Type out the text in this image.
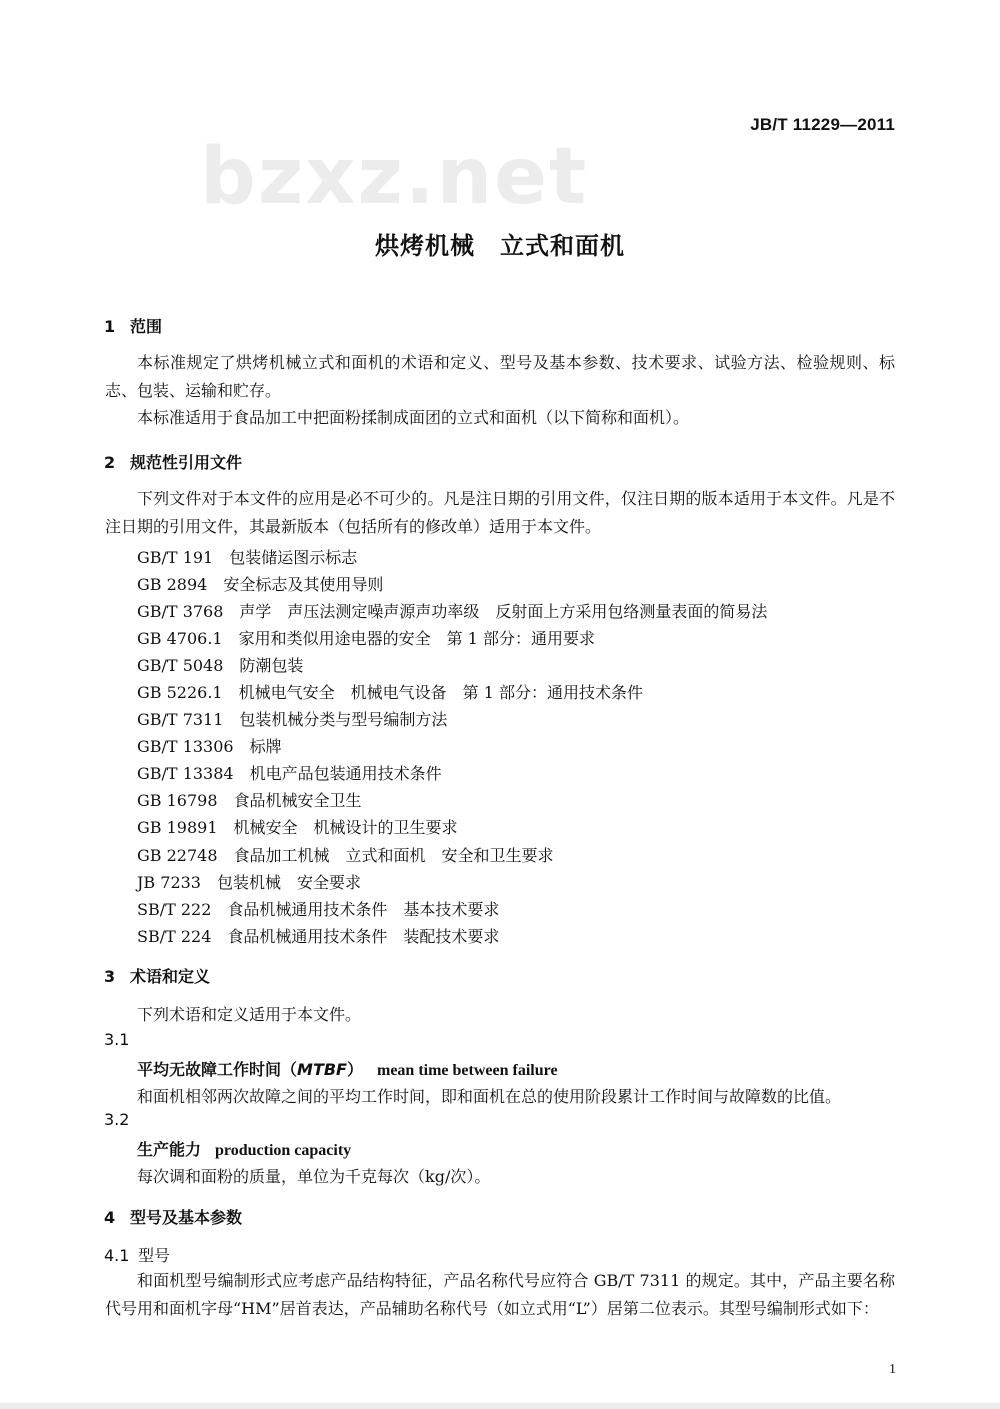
JB/T 11229—2011
bzxz.net
烘烤机械　立式和面机
1 范围
本标准规定了烘烤机械立式和面机的术语和定义、型号及基本参数、技术要求、试验方法、检验规则、标志、包装、运输和贮存。
本标准适用于食品加工中把面粉揉制成面团的立式和面机（以下简称和面机）。
2 规范性引用文件
下列文件对于本文件的应用是必不可少的。凡是注日期的引用文件，仅注日期的版本适用于本文件。凡是不注日期的引用文件，其最新版本（包括所有的修改单）适用于本文件。
GB/T 191　包装储运图示标志
GB 2894　安全标志及其使用导则
GB/T 3768　声学　声压法测定噪声源声功率级　反射面上方采用包络测量表面的简易法
GB 4706.1　家用和类似用途电器的安全　第 1 部分：通用要求
GB/T 5048　防潮包装
GB 5226.1　机械电气安全　机械电气设备　第 1 部分：通用技术条件
GB/T 7311　包装机械分类与型号编制方法
GB/T 13306　标牌
GB/T 13384　机电产品包装通用技术条件
GB 16798　食品机械安全卫生
GB 19891　机械安全　机械设计的卫生要求
GB 22748　食品加工机械　立式和面机　安全和卫生要求
JB 7233　包装机械　安全要求
SB/T 222　食品机械通用技术条件　基本技术要求
SB/T 224　食品机械通用技术条件　装配技术要求
3 术语和定义
下列术语和定义适用于本文件。
3.1
平均无故障工作时间（MTBF） mean time between failure
和面机相邻两次故障之间的平均工作时间，即和面机在总的使用阶段累计工作时间与故障数的比值。
3.2
生产能力 production capacity
每次调和面粉的质量，单位为千克每次（kg/次）。
4 型号及基本参数
4.1 型号
和面机型号编制形式应考虑产品结构特征，产品名称代号应符合 GB/T 7311 的规定。其中，产品主要名称代号用和面机字母“HM”居首表达，产品辅助名称代号（如立式用“L”）居第二位表示。其型号编制形式如下：
1
